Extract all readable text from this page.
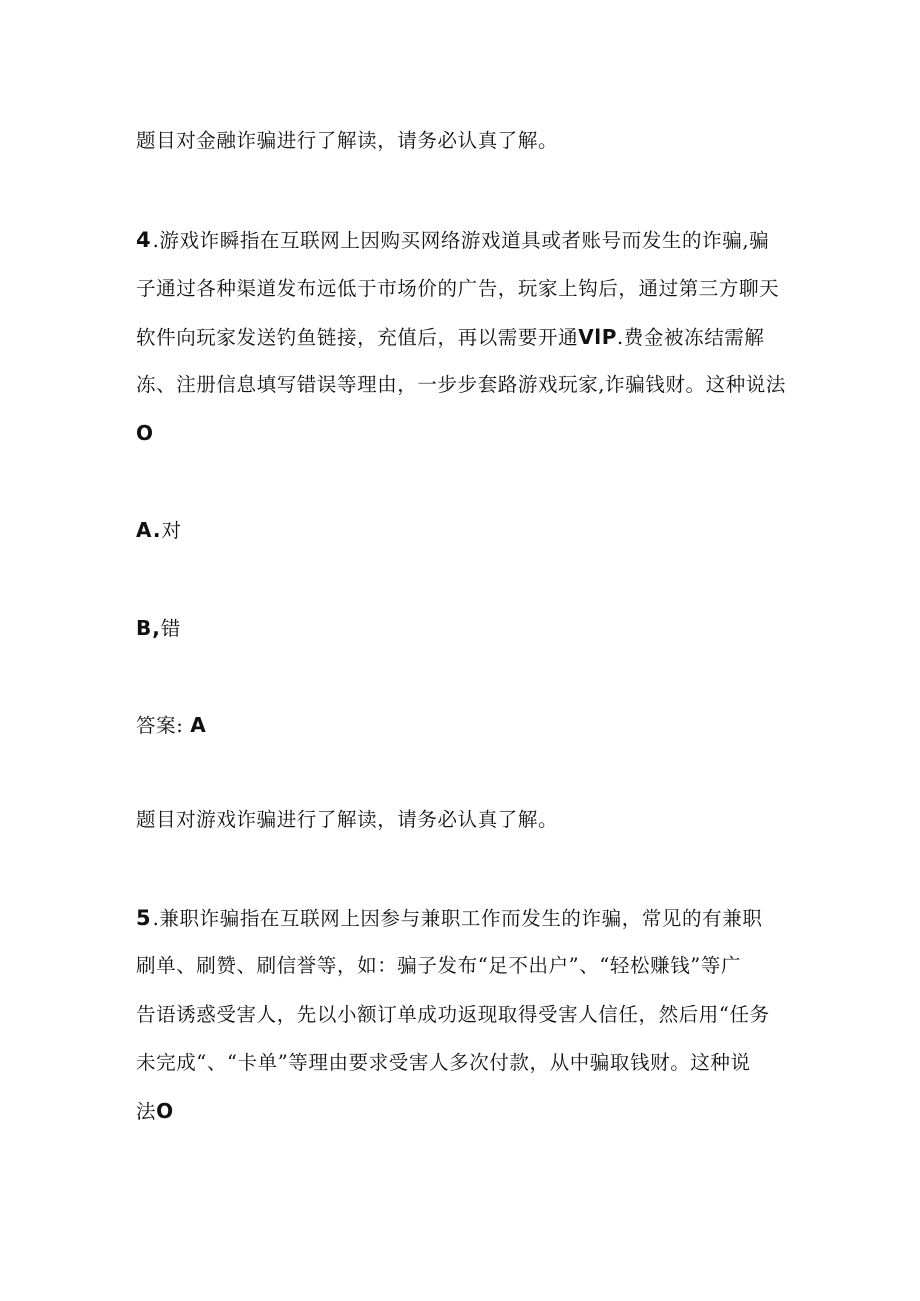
题目对金融诈骗进行了解读，请务必认真了解。
4.游戏诈瞬指在互联网上因购买网络游戏道具或者账号而发生的诈骗,骗
子通过各种渠道发布远低于市场价的广告，玩家上钩后，通过第三方聊天
软件向玩家发送钓鱼链接，充值后，再以需要开通VlP.费金被冻结需解
冻、注册信息填写错误等理由，一步步套路游戏玩家,诈骗钱财。这种说法
O
A.对
B,错
答案: A
题目对游戏诈骗进行了解读，请务必认真了解。
5.兼职诈骗指在互联网上因参与兼职工作而发生的诈骗，常见的有兼职
刷单、刷赞、刷信誉等，如：骗子发布“足不出户”、“轻松赚钱”等广
告语诱惑受害人，先以小额订单成功返现取得受害人信任，然后用“任务
未完成“、“卡单”等理由要求受害人多次付款，从中骗取钱财。这种说
法O
